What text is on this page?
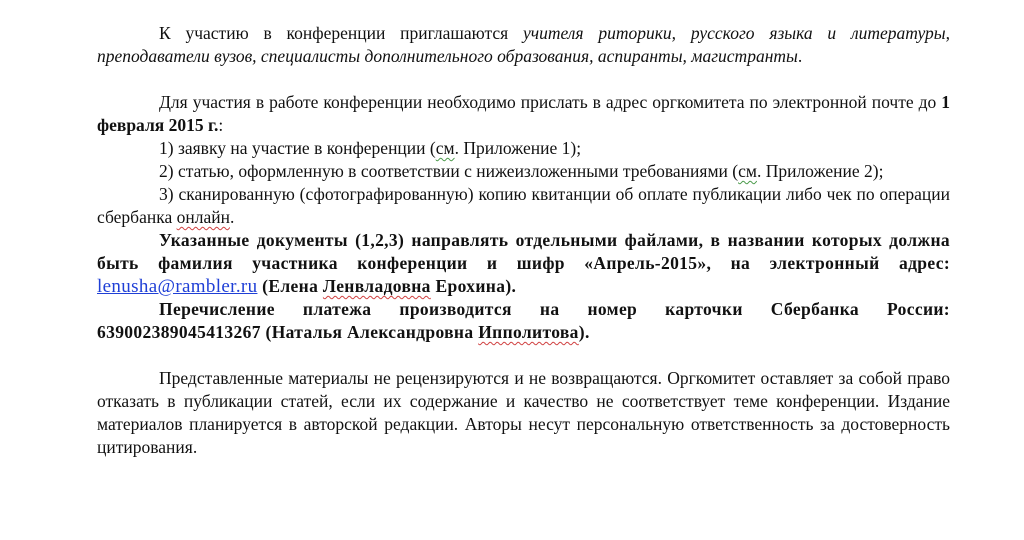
К участию в конференции приглашаются учителя риторики, русского языка и литературы, преподаватели вузов, специалисты дополнительного образования, аспиранты, магистранты.

Для участия в работе конференции необходимо прислать в адрес оргкомитета по электронной почте до 1 февраля 2015 г.:

1) заявку на участие в конференции (см. Приложение 1);

2) статью, оформленную в соответствии с нижеизложенными требованиями (см. Приложение 2);

3) сканированную (сфотографированную) копию квитанции об оплате публикации либо чек по операции сбербанка онлайн.

Указанные документы (1,2,3) направлять отдельными файлами, в названии которых должна быть фамилия участника конференции и шифр «Апрель-2015», на электронный адрес: lenusha@rambler.ru (Елена Ленвладовна Ерохина).

Перечисление платежа производится на номер карточки Сбербанка России: 639002389045413267 (Наталья Александровна Ипполитова).

Представленные материалы не рецензируются и не возвращаются. Оргкомитет оставляет за собой право отказать в публикации статей, если их содержание и качество не соответствует теме конференции. Издание материалов планируется в авторской редакции. Авторы несут персональную ответственность за достоверность цитирования.
